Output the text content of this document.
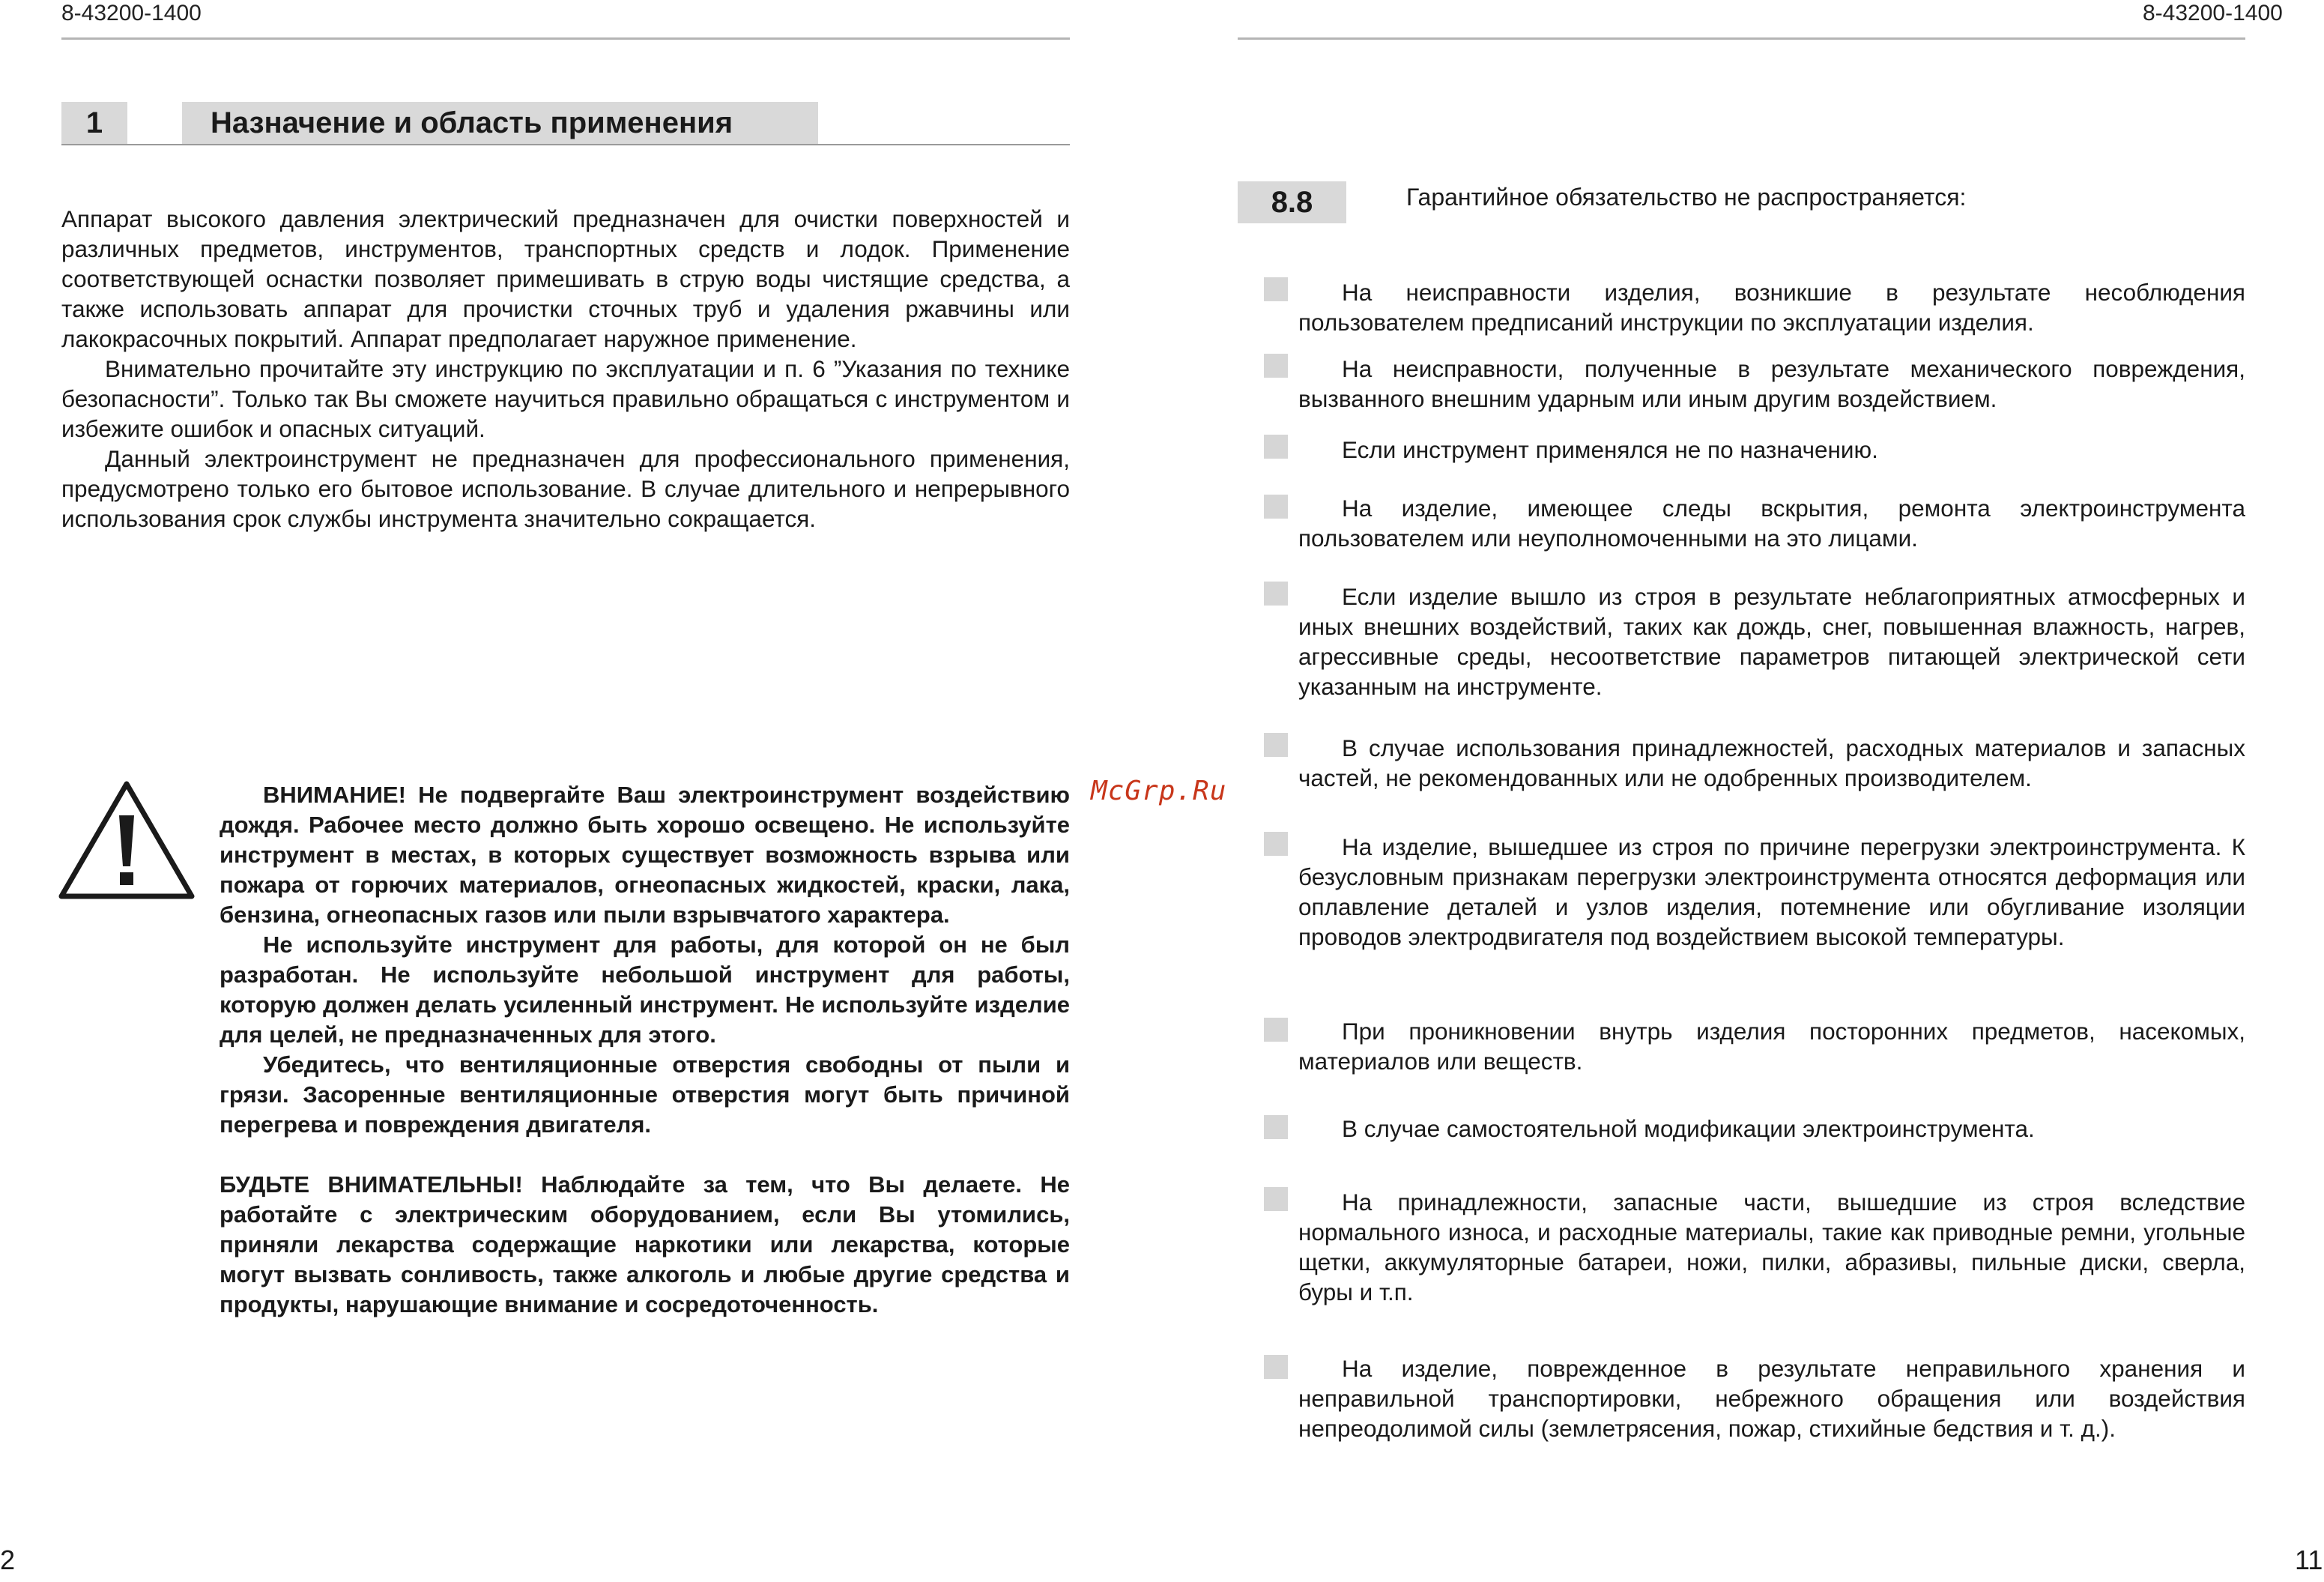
8-43200-1400	8-43200-1400
1	Назначение и область применения

Аппарат высокого давления электрический предназначен для очистки поверхностей и различных предметов, инструментов, транспортных средств и лодок. Применение соответствующей оснастки позволяет примешивать в струю воды чистящие средства, а также использовать аппарат для прочистки сточных труб и удаления ржавчины или лакокрасочных покрытий. Аппарат предполагает наружное применение.

Внимательно прочитайте эту инструкцию по эксплуатации и п. 6 ”Указания по технике безопасности”. Только так Вы сможете научиться правильно обращаться с инструментом и избежите ошибок и опасных ситуаций.

Данный электроинструмент не предназначен для профессионального применения, предусмотрено только его бытовое использование. В случае длительного и непрерывного использования срок службы инструмента значительно сокращается.

ВНИМАНИЕ! Не подвергайте Ваш электроинструмент воздействию дождя. Рабочее место должно быть хорошо освещено. Не используйте инструмент в местах, в которых существует возможность взрыва или пожара от горючих материалов, огнеопасных жидкостей, краски, лака, бензина, огнеопасных газов или пыли взрывчатого характера.

Не используйте инструмент для работы, для которой он не был разработан. Не используйте небольшой инструмент для работы, которую должен делать усиленный инструмент. Не используйте изделие для целей, не предназначенных для этого.

Убедитесь, что вентиляционные отверстия свободны от пыли и грязи. Засоренные вентиляционные отверстия могут быть причиной перегрева и повреждения двигателя.

БУДЬТЕ ВНИМАТЕЛЬНЫ! Наблюдайте за тем, что Вы делаете. Не работайте с электрическим оборудованием, если Вы утомились, приняли лекарства содержащие наркотики или лекарства, которые могут вызвать сонливость, также алкоголь и любые другие средства и продукты, нарушающие внимание и сосредоточенность.

McGrp.Ru
8.8	Гарантийное обязательство не распространяется:

На неисправности изделия, возникшие в результате несоблюдения пользователем предписаний инструкции по эксплуатации изделия.

На неисправности, полученные в результате механического повреждения, вызванного внешним ударным или иным другим воздействием.

Если инструмент применялся не по назначению.

На изделие, имеющее следы вскрытия, ремонта электроинструмента пользователем или неуполномоченными на это лицами.

Если изделие вышло из строя в результате неблагоприятных атмосферных и иных внешних воздействий, таких как дождь, снег, повышенная влажность, нагрев, агрессивные среды, несоответствие параметров питающей электрической сети указанным на инструменте.

В случае использования принадлежностей, расходных материалов и запасных частей, не рекомендованных или не одобренных производителем.

На изделие, вышедшее из строя по причине перегрузки электроинструмента. К безусловным признакам перегрузки электроинструмента относятся деформация или оплавление деталей и узлов изделия, потемнение или обугливание изоляции проводов электродвигателя под воздействием высокой температуры.

При проникновении внутрь изделия посторонних предметов, насекомых, материалов или веществ.

В случае самостоятельной модификации электроинструмента.

На принадлежности, запасные части, вышедшие из строя вследствие нормального износа, и расходные материалы, такие как приводные ремни, угольные щетки, аккумуляторные батареи, ножи, пилки, абразивы, пильные диски, сверла, буры и т.п.

На изделие, поврежденное в результате неправильного хранения и неправильной транспортировки, небрежного обращения или воздействия непреодолимой силы (землетрясения, пожар, стихийные бедствия и т. д.).

2	11
